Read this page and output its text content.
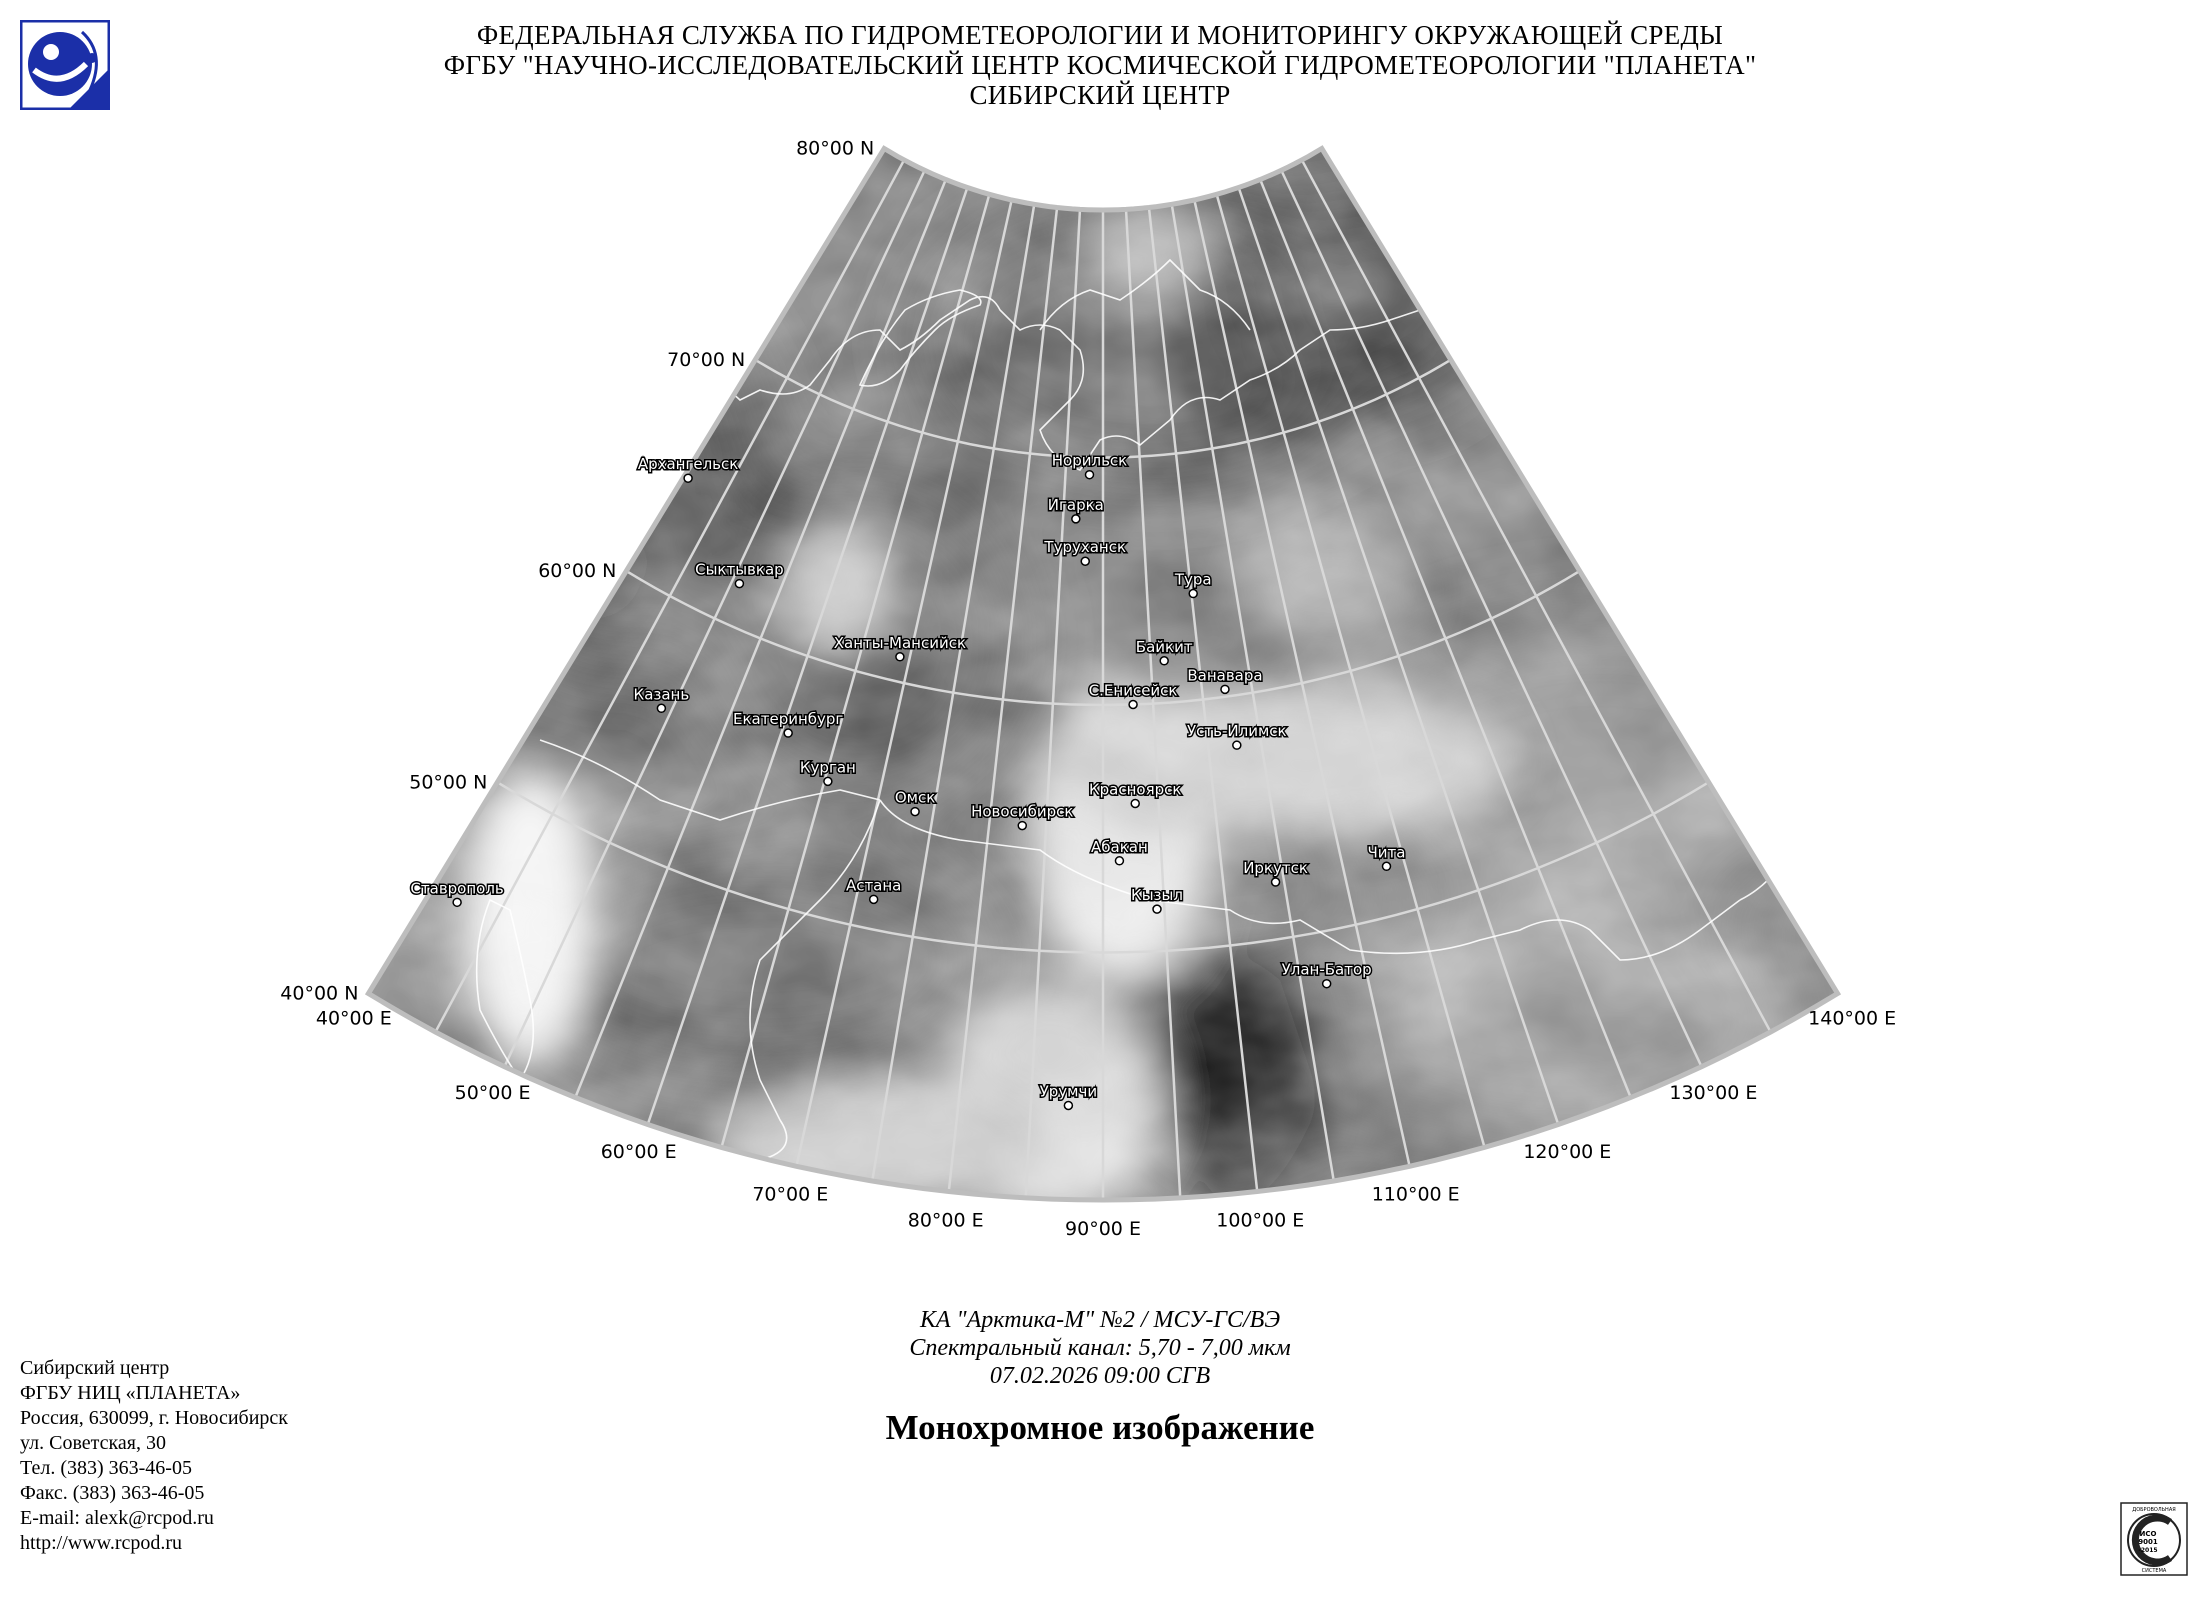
ФЕДЕРАЛЬНАЯ СЛУЖБА ПО ГИДРОМЕТЕОРОЛОГИИ И МОНИТОРИНГУ ОКРУЖАЮЩЕЙ СРЕДЫ
ФГБУ "НАУЧНО-ИССЛЕДОВАТЕЛЬСКИЙ ЦЕНТР КОСМИЧЕСКОЙ ГИДРОМЕТЕОРОЛОГИИ "ПЛАНЕТА"
СИБИРСКИЙ ЦЕНТР
40°00 N
50°00 N
60°00 N
70°00 N
80°00 N
40°00 E
50°00 E
60°00 E
70°00 E
80°00 E	90°00 E	100°00 E
110°00 E
120°00 E
130°00 E
140°00 E
Архангельск
Сыктывкар
Казань
Ставрополь
Екатеринбург
Ханты-Мансийск
Курган
Омск
Астана
Новосибирск
Красноярск
Абакан
Кызыл
Урумчи
Норильск
Игарка
Туруханск
Тура
Байкит
Ванавара
С.Енисейск
Усть-Илимск
Иркутск
Чита
Улан-Батор
КА "Арктика-М" №2 / МСУ-ГС/ВЭ
Спектральный канал: 5,70 - 7,00 мкм
07.02.2026 09:00 СГВ
Монохромное изображение
Сибирский центр
ФГБУ НИЦ «ПЛАНЕТА»
Россия, 630099, г. Новосибирск
ул. Советская, 30
Тел. (383) 363-46-05
Факс. (383) 363-46-05
E-mail: alexk@rcpod.ru
http://www.rcpod.ru
ДОБРОВОЛЬНАЯ
ИСО
9001
-2015
СИСТЕМА
